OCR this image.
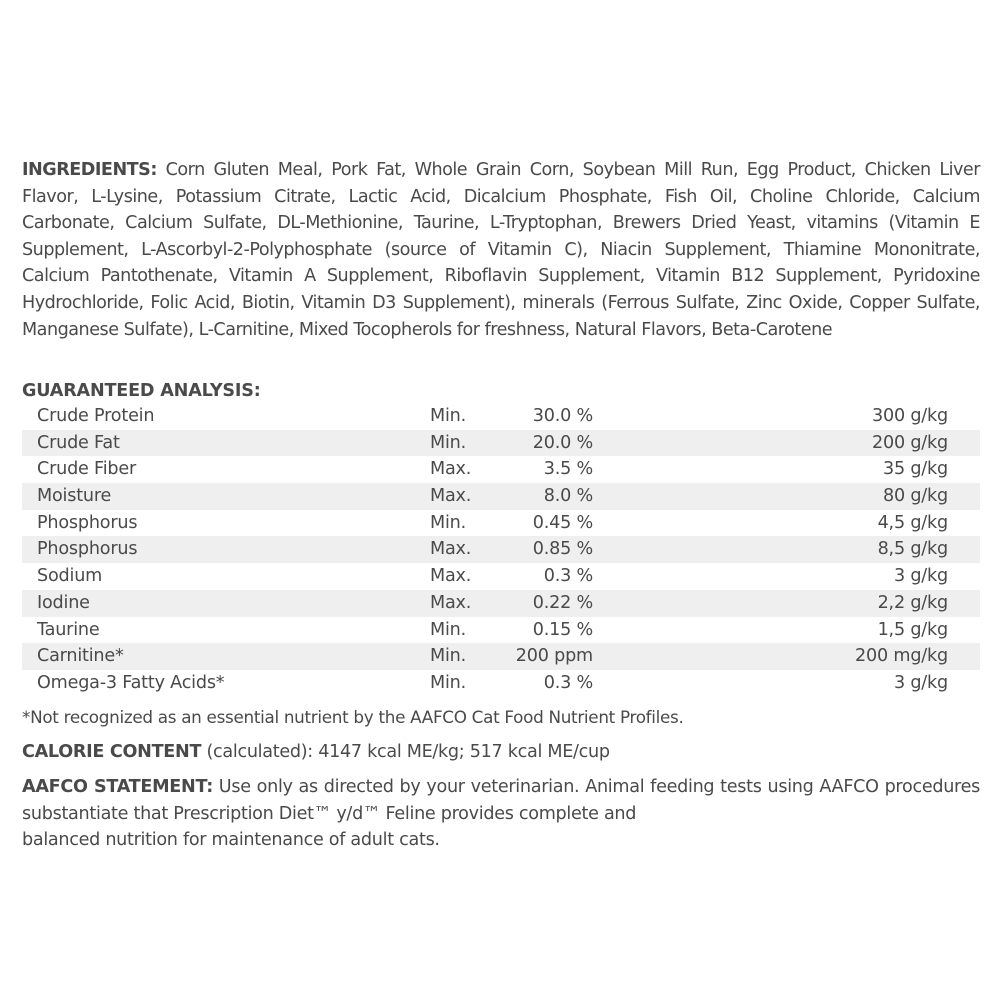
INGREDIENTS: Corn Gluten Meal, Pork Fat, Whole Grain Corn, Soybean Mill Run, Egg Product, Chicken Liver Flavor, L-Lysine, Potassium Citrate, Lactic Acid, Dicalcium Phosphate, Fish Oil, Choline Chloride, Calcium Carbonate, Calcium Sulfate, DL-Methionine, Taurine, L-Tryptophan, Brewers Dried Yeast, vitamins (Vitamin E Supplement, L-Ascorbyl-2-Polyphosphate (source of Vitamin C), Niacin Supplement, Thiamine Mononitrate, Calcium Pantothenate, Vitamin A Supplement, Riboflavin Supplement, Vitamin B12 Supplement, Pyridoxine Hydrochloride, Folic Acid, Biotin, Vitamin D3 Supplement), minerals (Ferrous Sulfate, Zinc Oxide, Copper Sulfate, Manganese Sulfate), L-Carnitine, Mixed Tocopherols for freshness, Natural Flavors, Beta-Carotene
GUARANTEED ANALYSIS:
Crude Protein	Min.	30.0 %	300 g/kg
Crude Fat	Min.	20.0 %	200 g/kg
Crude Fiber	Max.	3.5 %	35 g/kg
Moisture	Max.	8.0 %	80 g/kg
Phosphorus	Min.	0.45 %	4,5 g/kg
Phosphorus	Max.	0.85 %	8,5 g/kg
Sodium	Max.	0.3 %	3 g/kg
Iodine	Max.	0.22 %	2,2 g/kg
Taurine	Min.	0.15 %	1,5 g/kg
Carnitine*	Min.	200 ppm	200 mg/kg
Omega-3 Fatty Acids*	Min.	0.3 %	3 g/kg
*Not recognized as an essential nutrient by the AAFCO Cat Food Nutrient Profiles.
CALORIE CONTENT (calculated): 4147 kcal ME/kg; 517 kcal ME/cup
AAFCO STATEMENT: Use only as directed by your veterinarian. Animal feeding tests using AAFCO procedures substantiate that Prescription Diet™ y/d™ Feline provides complete and
balanced nutrition for maintenance of adult cats.
